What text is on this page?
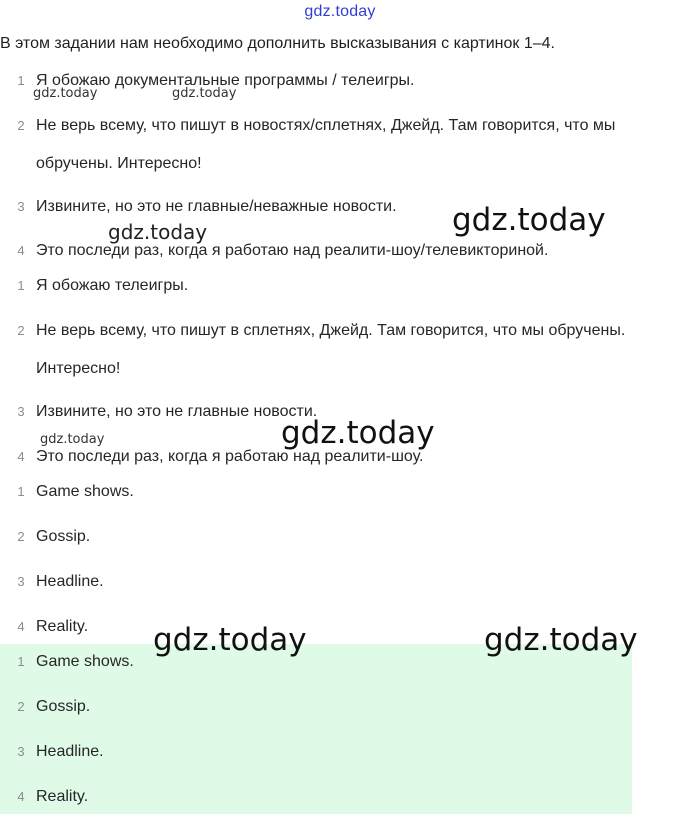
gdz.today
В этом задании нам необходимо дополнить высказывания с картинок 1–4.
1 Я обожаю документальные программы / телеигры.
2 Не верь всему, что пишут в новостях/сплетнях, Джейд. Там говорится, что мы обручены. Интересно!
3 Извините, но это не главные/неважные новости.
4 Это последи раз, когда я работаю над реалити-шоу/телевикториной.
1 Я обожаю телеигры.
2 Не верь всему, что пишут в сплетнях, Джейд. Там говорится, что мы обручены. Интересно!
3 Извините, но это не главные новости.
4 Это последи раз, когда я работаю над реалити-шоу.
1 Game shows.
2 Gossip.
3 Headline.
4 Reality.
1 Game shows.
2 Gossip.
3 Headline.
4 Reality.
gdz.today	gdz.today
gdz.today
gdz.today	gdz.today
gdz.today
gdz.today	gdz.today
